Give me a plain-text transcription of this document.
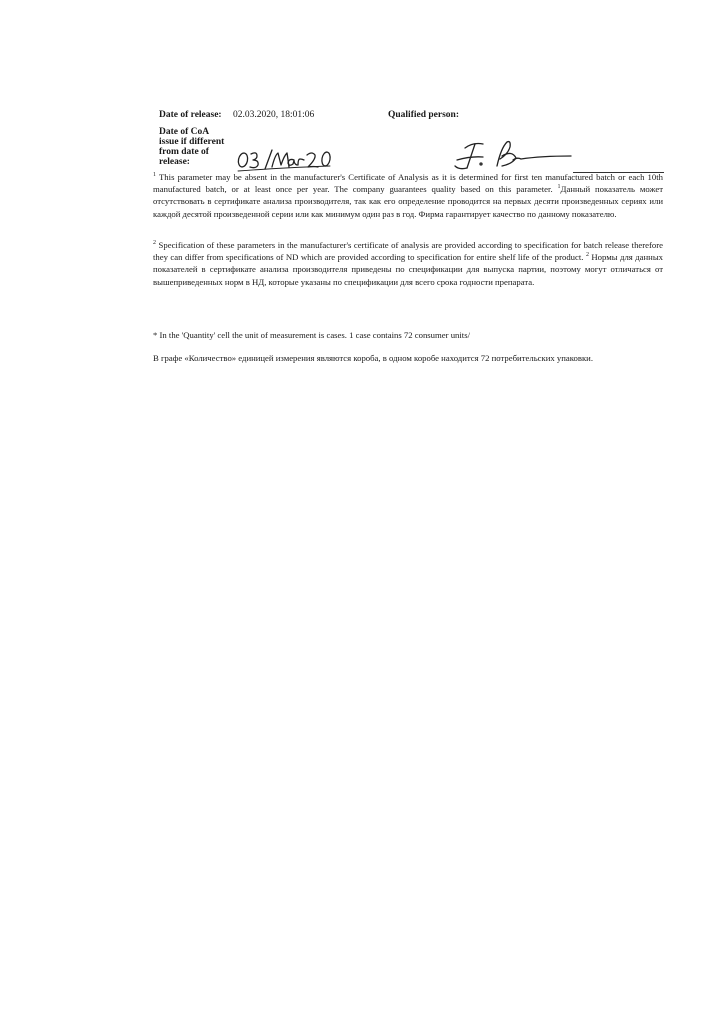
Date of release: 02.03.2020, 18:01:06	Qualified person:
Date of CoA
issue if different
from date of
release:
$^1$ This parameter may be absent in the manufacturer's Certificate of Analysis as it is determined for first ten manufactured batch or each 10th manufactured batch, or at least once per year. The company guarantees quality based on this parameter. $^1$Данный показатель может отсутствовать в сертификате анализа производителя, так как его определение проводится на первых десяти произведенных сериях или каждой десятой произведенной серии или как минимум один раз в год. Фирма гарантирует качество по данному показателю.
$^2$ Specification of these parameters in the manufacturer's certificate of analysis are provided according to specification for batch release therefore they can differ from specifications of ND which are provided according to specification for entire shelf life of the product. $^2$ Нормы для данных показателей в сертификате анализа производителя приведены по спецификации для выпуска партии, поэтому могут отличаться от вышеприведенных норм в НД, которые указаны по спецификации для всего срока годности препарата.
* In the 'Quantity' cell the unit of measurement is cases. 1 case contains 72 consumer units/
В графе «Количество» единицей измерения являются короба, в одном коробе находится 72 потребительских упаковки.
